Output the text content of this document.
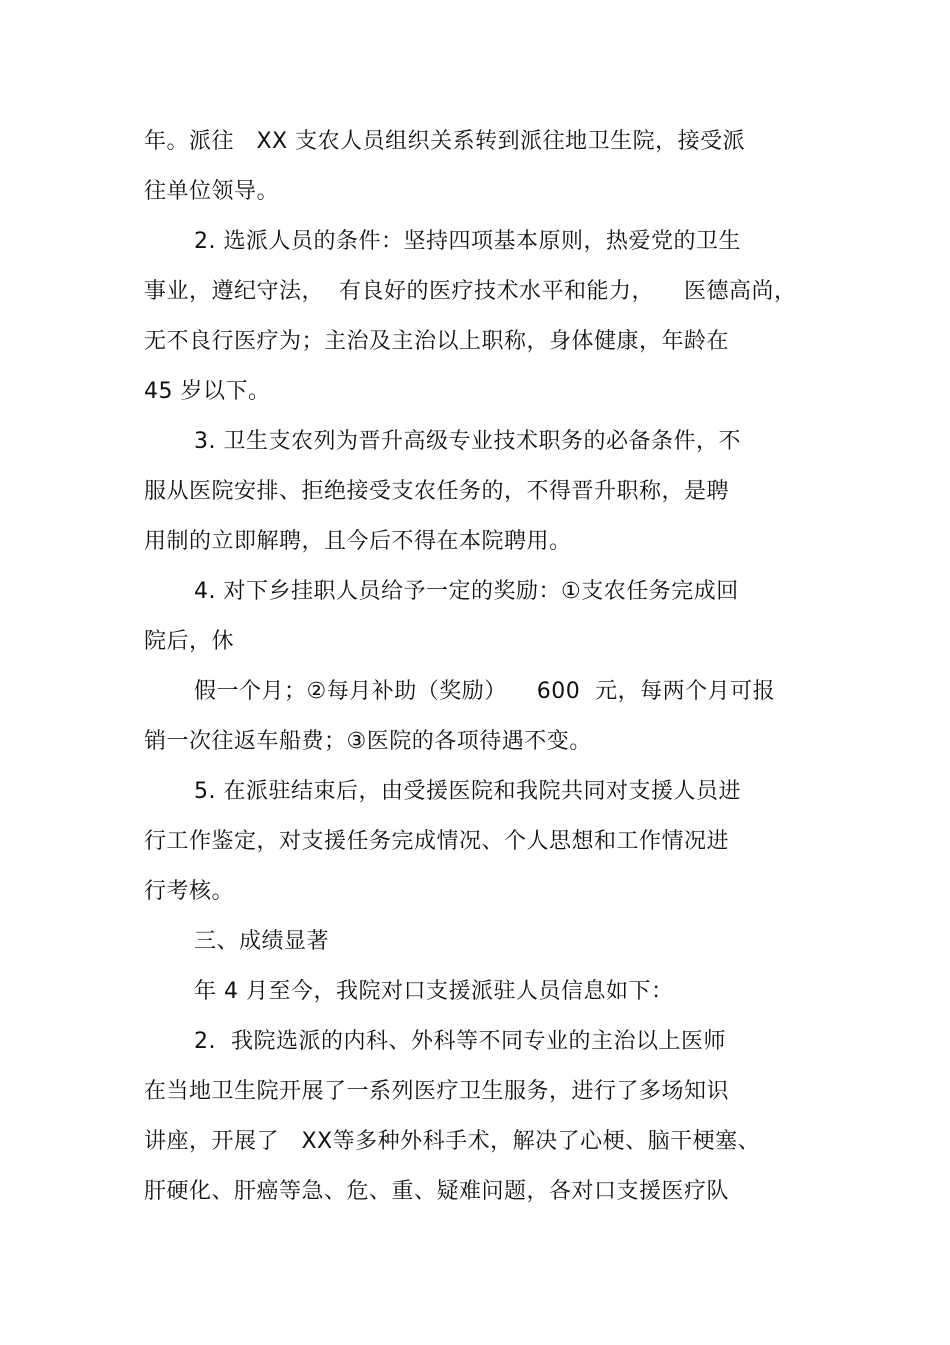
年。派往   XX 支农人员组织关系转到派往地卫生院，接受派
往单位领导。
2. 选派人员的条件：坚持四项基本原则，热爱党的卫生
事业，遵纪守法，  有良好的医疗技术水平和能力，    医德高尚，
无不良行医疗为；主治及主治以上职称，身体健康，年龄在
45 岁以下。
3. 卫生支农列为晋升高级专业技术职务的必备条件，不
服从医院安排、拒绝接受支农任务的，不得晋升职称，是聘
用制的立即解聘，且今后不得在本院聘用。
4. 对下乡挂职人员给予一定的奖励：①支农任务完成回
院后，休
假一个月；②每月补助（奖励）    600  元，每两个月可报
销一次往返车船费；③医院的各项待遇不变。
5. 在派驻结束后，由受援医院和我院共同对支援人员进
行工作鉴定，对支援任务完成情况、个人思想和工作情况进
行考核。
三、成绩显著
年 4 月至今，我院对口支援派驻人员信息如下：
2.  我院选派的内科、外科等不同专业的主治以上医师
在当地卫生院开展了一系列医疗卫生服务，进行了多场知识
讲座，开展了   XX等多种外科手术，解决了心梗、脑干梗塞、
肝硬化、肝癌等急、危、重、疑难问题，各对口支援医疗队
